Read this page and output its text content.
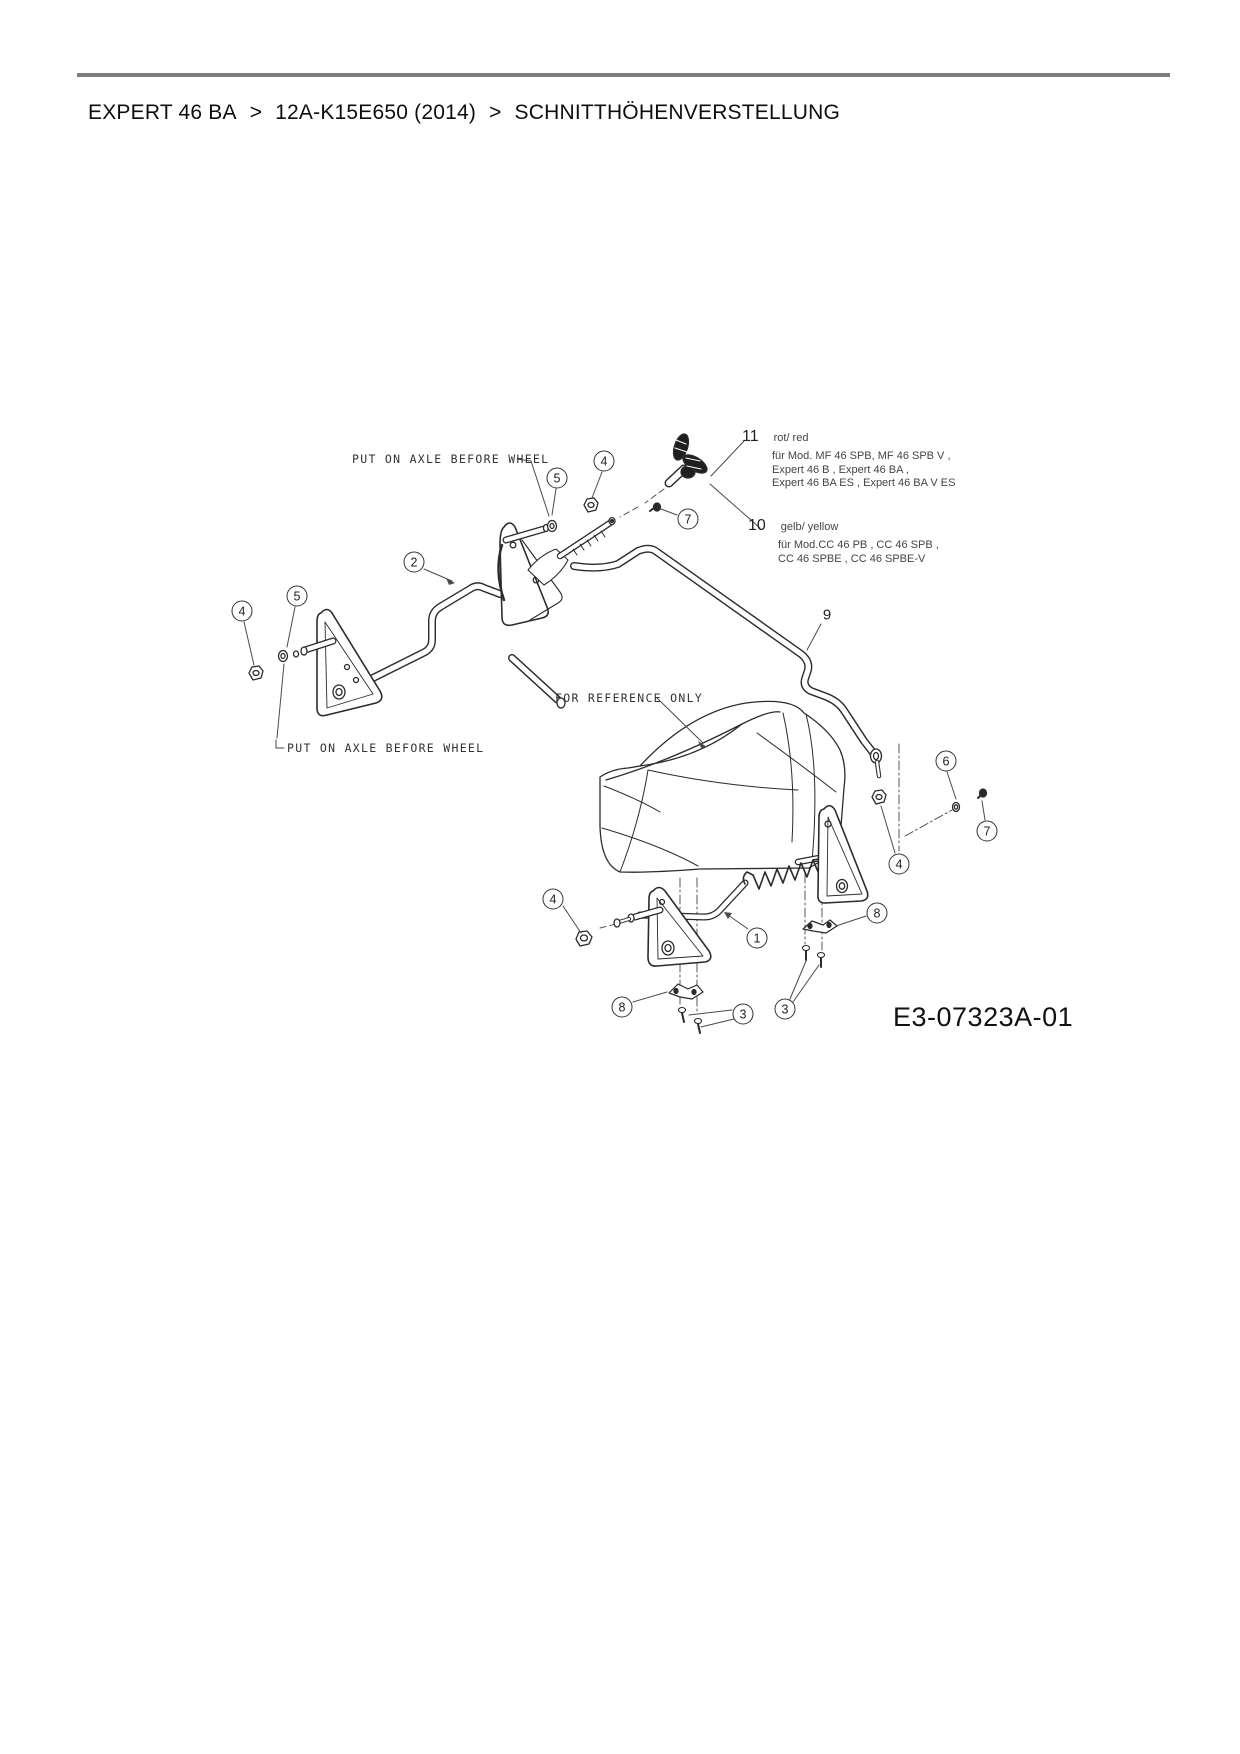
EXPERT 46 BA > 12A-K15E650 (2014) > SCHNITTHÖHENVERSTELLUNG
PUT ON AXLE BEFORE WHEEL
PUT ON AXLE BEFORE WHEEL
FOR REFERENCE ONLY
E3-07323A-01
11 rot/ red
für Mod. MF 46 SPB, MF 46 SPB V ,
Expert 46 B , Expert 46 BA ,
Expert 46 BA ES , Expert 46 BA V ES
10 gelb/ yellow
für Mod.CC 46 PB , CC 46 SPB ,
CC 46 SPBE , CC 46 SPBE-V
4
5
2
5
4
7
9
6
7
4
4
1
8
8	3	3
